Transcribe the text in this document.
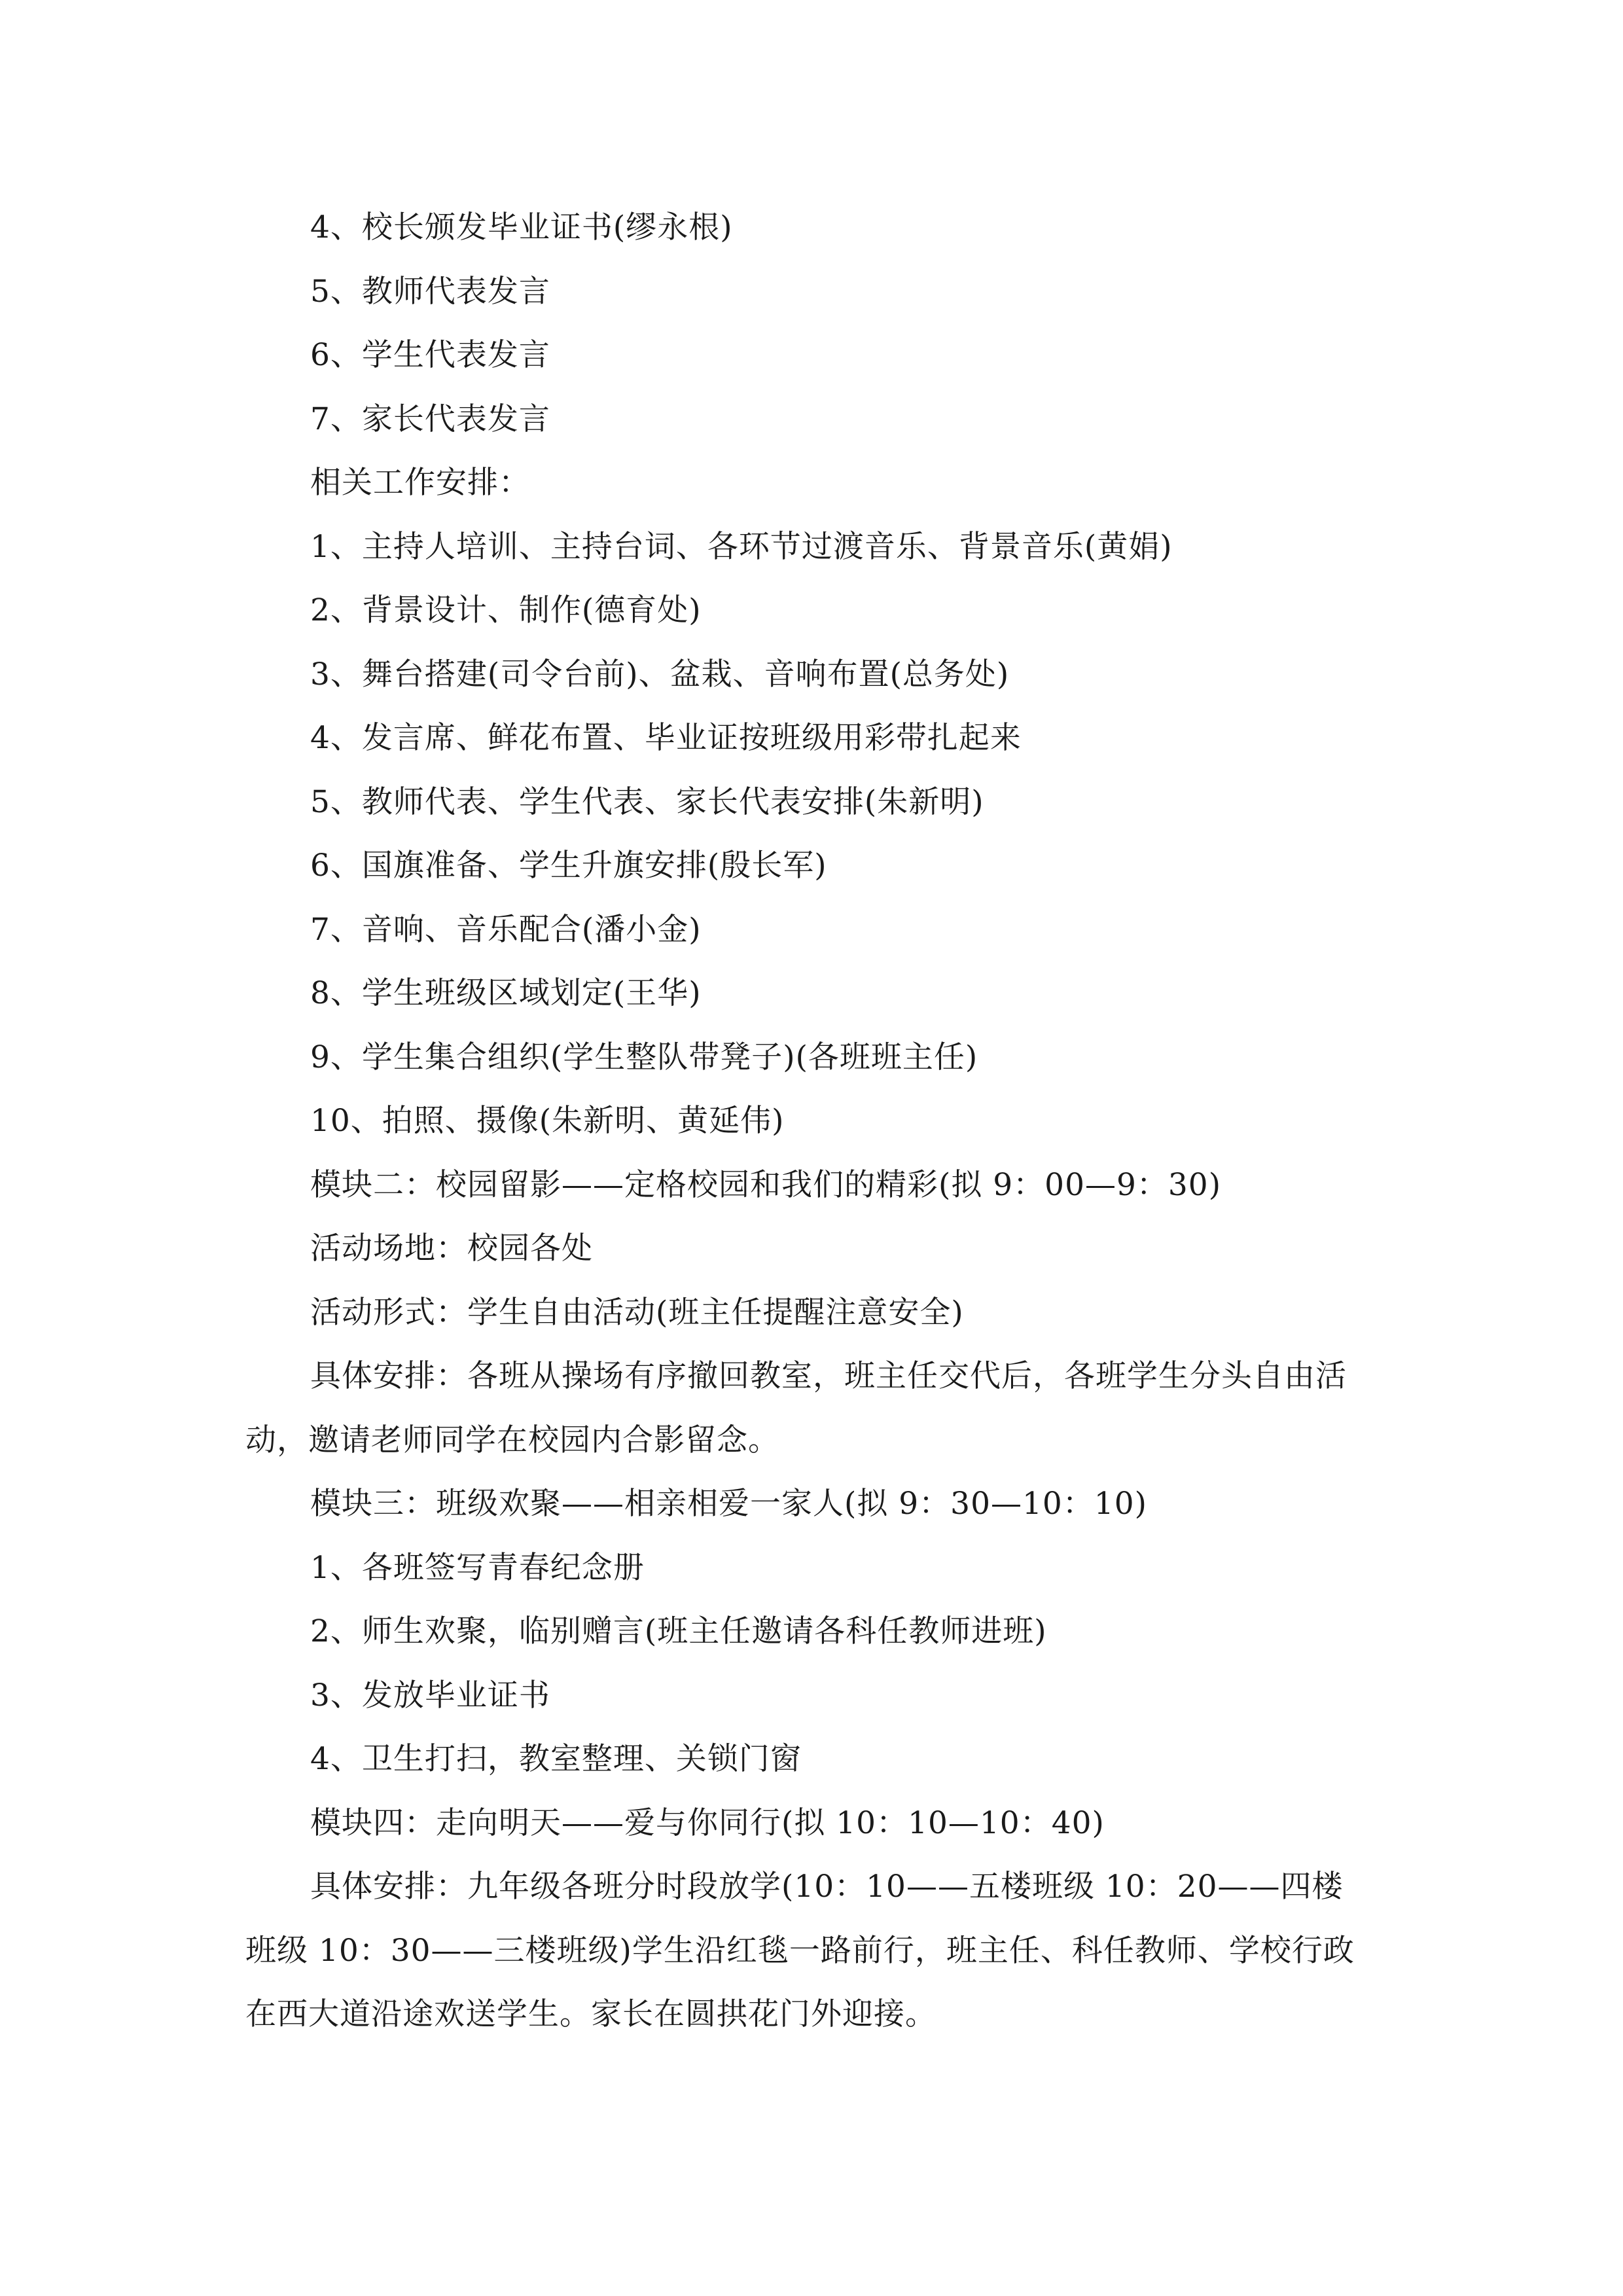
4、校长颁发毕业证书(缪永根)
5、教师代表发言
6、学生代表发言
7、家长代表发言
相关工作安排：
1、主持人培训、主持台词、各环节过渡音乐、背景音乐(黄娟)
2、背景设计、制作(德育处)
3、舞台搭建(司令台前)、盆栽、音响布置(总务处)
4、发言席、鲜花布置、毕业证按班级用彩带扎起来
5、教师代表、学生代表、家长代表安排(朱新明)
6、国旗准备、学生升旗安排(殷长军)
7、音响、音乐配合(潘小金)
8、学生班级区域划定(王华)
9、学生集合组织(学生整队带凳子)(各班班主任)
10、拍照、摄像(朱新明、黄延伟)
模块二：校园留影——定格校园和我们的精彩(拟 9：00—9：30)
活动场地：校园各处
活动形式：学生自由活动(班主任提醒注意安全)
具体安排：各班从操场有序撤回教室，班主任交代后，各班学生分头自由活
动，邀请老师同学在校园内合影留念。
模块三：班级欢聚——相亲相爱一家人(拟 9：30—10：10)
1、各班签写青春纪念册
2、师生欢聚，临别赠言(班主任邀请各科任教师进班)
3、发放毕业证书
4、卫生打扫，教室整理、关锁门窗
模块四：走向明天——爱与你同行(拟 10：10—10：40)
具体安排：九年级各班分时段放学(10：10——五楼班级 10：20——四楼
班级 10：30——三楼班级)学生沿红毯一路前行，班主任、科任教师、学校行政
在西大道沿途欢送学生。家长在圆拱花门外迎接。
